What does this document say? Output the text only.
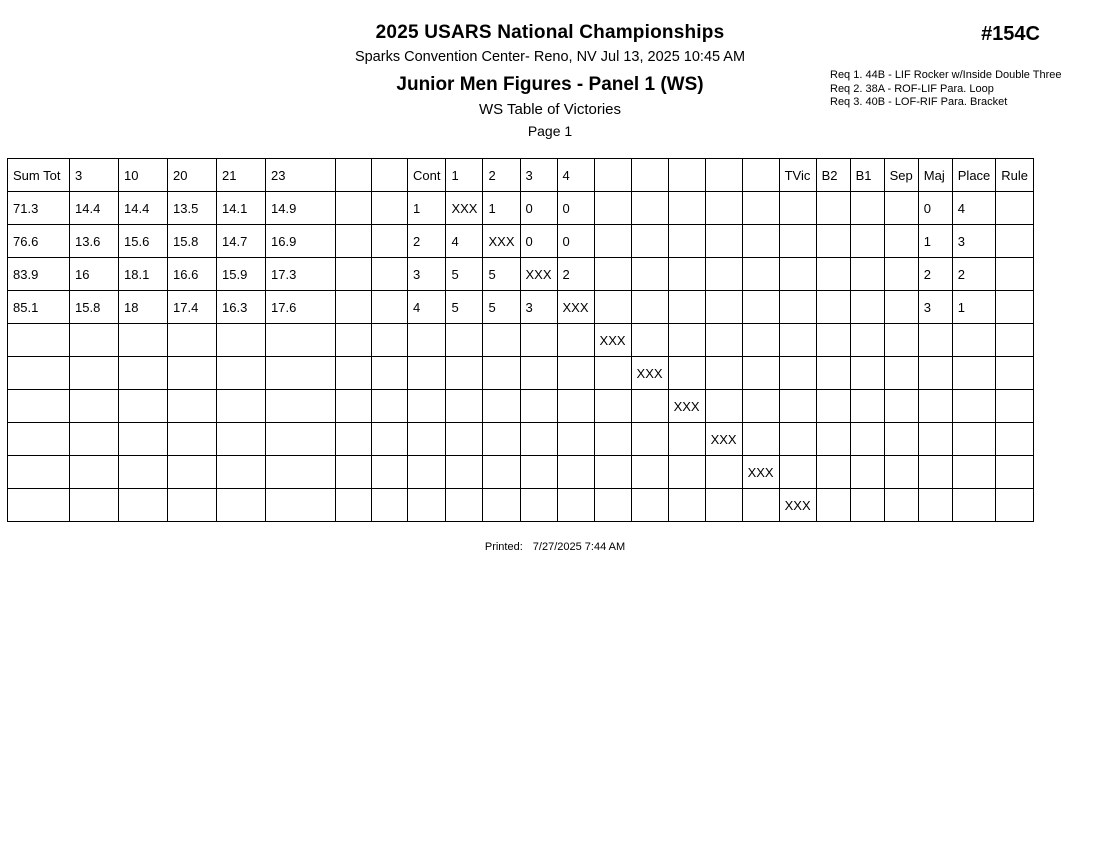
2025 USARS National Championships
Sparks Convention Center- Reno, NV Jul 13, 2025 10:45 AM
Junior Men Figures - Panel 1 (WS)
WS Table of Victories
Page 1
#154C
Req 1. 44B - LIF Rocker w/Inside Double Three
Req 2. 38A - ROF-LIF Para. Loop
Req 3. 40B - LOF-RIF Para. Bracket
Sum Tot	3	10	20	21	23			Cont	1	2	3	4						TVic	B2	B1	Sep	Maj	Place	Rule
71.3	14.4	14.4	13.5	14.1	14.9			1	XXX	1	0	0										0	4	
76.6	13.6	15.6	15.8	14.7	16.9			2	4	XXX	0	0										1	3	
83.9	16	18.1	16.6	15.9	17.3			3	5	5	XXX	2										2	2	
85.1	15.8	18	17.4	16.3	17.6			4	5	5	3	XXX										3	1	
													XXX											
														XXX										
															XXX									
																XXX								
																	XXX							
																		XXX						
Printed: 7/27/2025 7:44 AM
